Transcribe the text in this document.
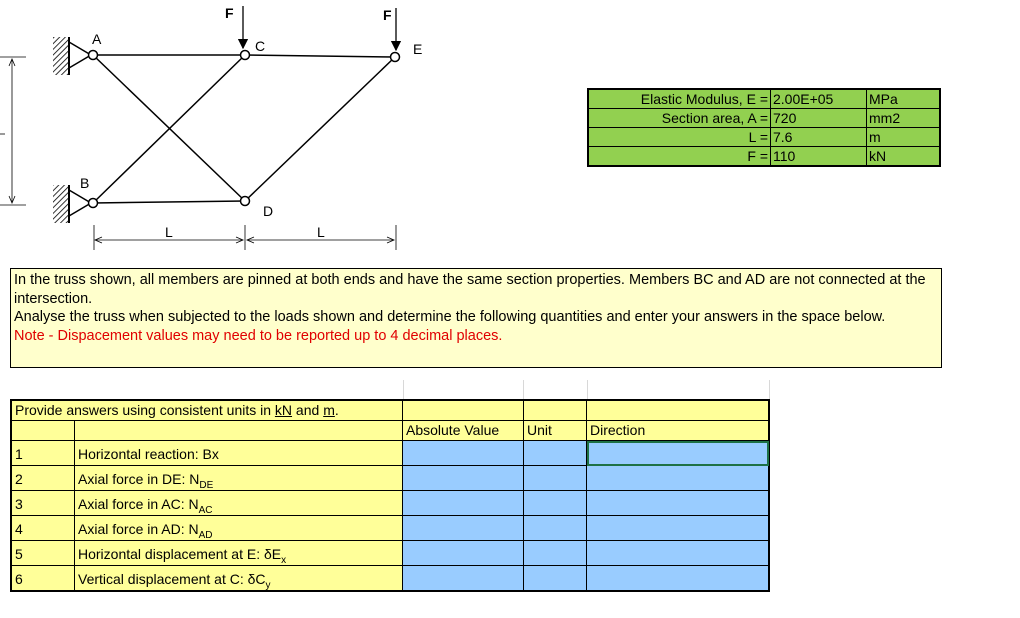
F	F
A
B
C
D
E
L	L
Elastic Modulus, E =	2.00E+05	MPa
Section area, A =	720	mm2
L =	7.6	m
F =	110	kN

In the truss shown, all members are pinned at both ends and have the same section properties. Members BC and AD are not connected at the intersection.

Analyse the truss when subjected to the loads shown and determine the following quantities and enter your answers in the space below.

Note - Dispacement values may need to be reported up to 4 decimal places.

Provide answers using consistent units in kN and m.				
		Absolute Value	Unit	Direction
1	Horizontal reaction: Bx			
2	Axial force in DE: $N_{DE}$			
3	Axial force in AC: $N_{AC}$			
4	Axial force in AD: $N_{AD}$			
5	Horizontal displacement at E: $\delta E_x$			
6	Vertical displacement at C: $\delta C_y$			
